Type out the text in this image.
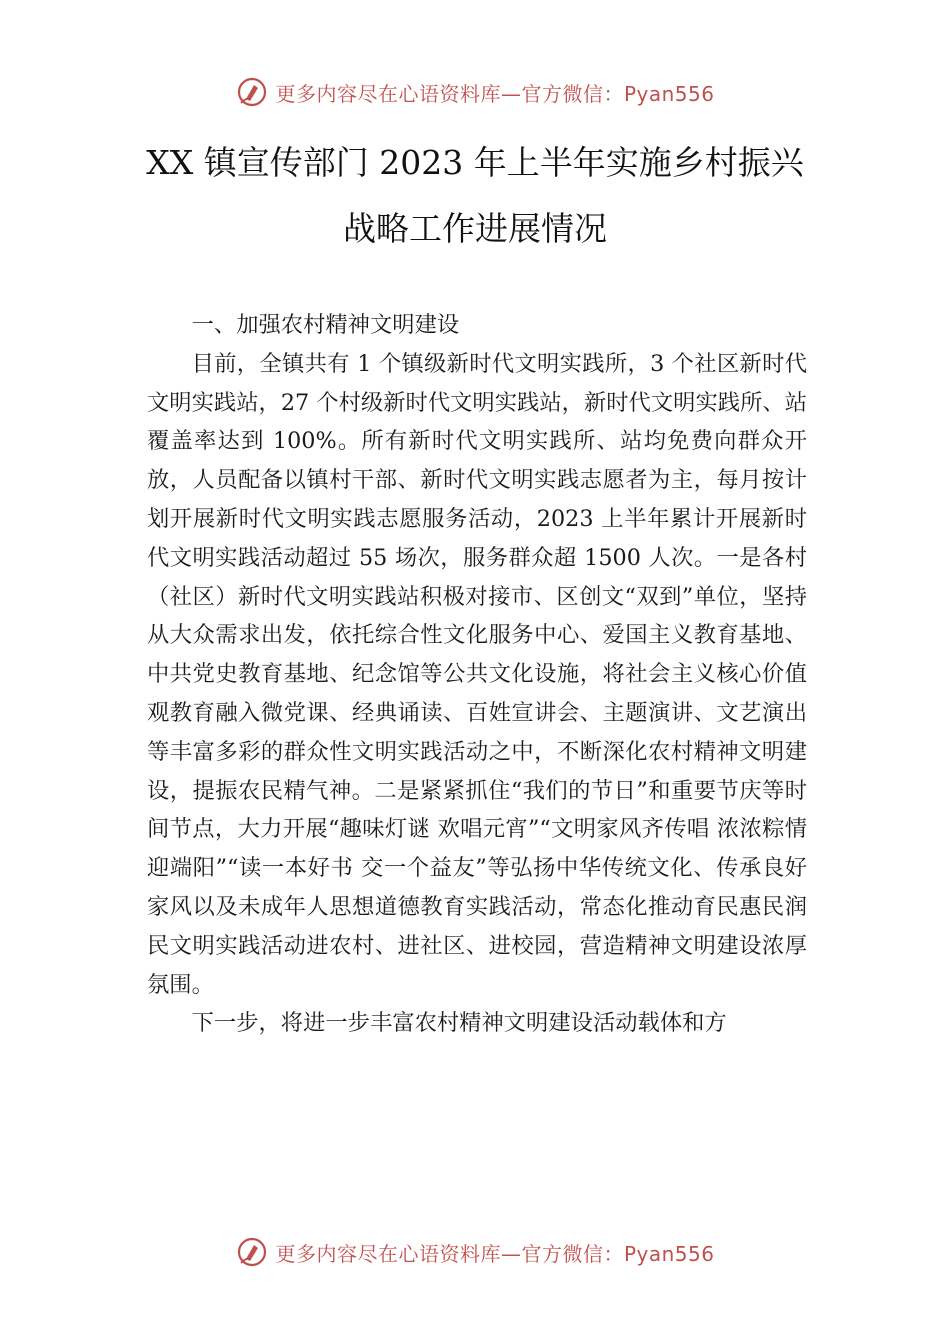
更多内容尽在心语资料库—官方微信：Pyan556
XX 镇宣传部门 2023 年上半年实施乡村振兴
战略工作进展情况

一、加强农村精神文明建设

目前，全镇共有 1 个镇级新时代文明实践所，3 个社区新时代文明实践站，27 个村级新时代文明实践站，新时代文明实践所、站覆盖率达到 100%。所有新时代文明实践所、站均免费向群众开放，人员配备以镇村干部、新时代文明实践志愿者为主，每月按计划开展新时代文明实践志愿服务活动，2023 上半年累计开展新时代文明实践活动超过 55 场次，服务群众超 1500 人次。一是各村（社区）新时代文明实践站积极对接市、区创文“双到”单位，坚持从大众需求出发，依托综合性文化服务中心、爱国主义教育基地、中共党史教育基地、纪念馆等公共文化设施，将社会主义核心价值观教育融入微党课、经典诵读、百姓宣讲会、主题演讲、文艺演出等丰富多彩的群众性文明实践活动之中，不断深化农村精神文明建设，提振农民精气神。二是紧紧抓住“我们的节日”和重要节庆等时间节点，大力开展“趣味灯谜 欢唱元宵”“文明家风齐传唱 浓浓粽情迎端阳”“读一本好书 交一个益友”等弘扬中华传统文化、传承良好家风以及未成年人思想道德教育实践活动，常态化推动育民惠民润民文明实践活动进农村、进社区、进校园，营造精神文明建设浓厚氛围。

下一步，将进一步丰富农村精神文明建设活动载体和方

更多内容尽在心语资料库—官方微信：Pyan556
